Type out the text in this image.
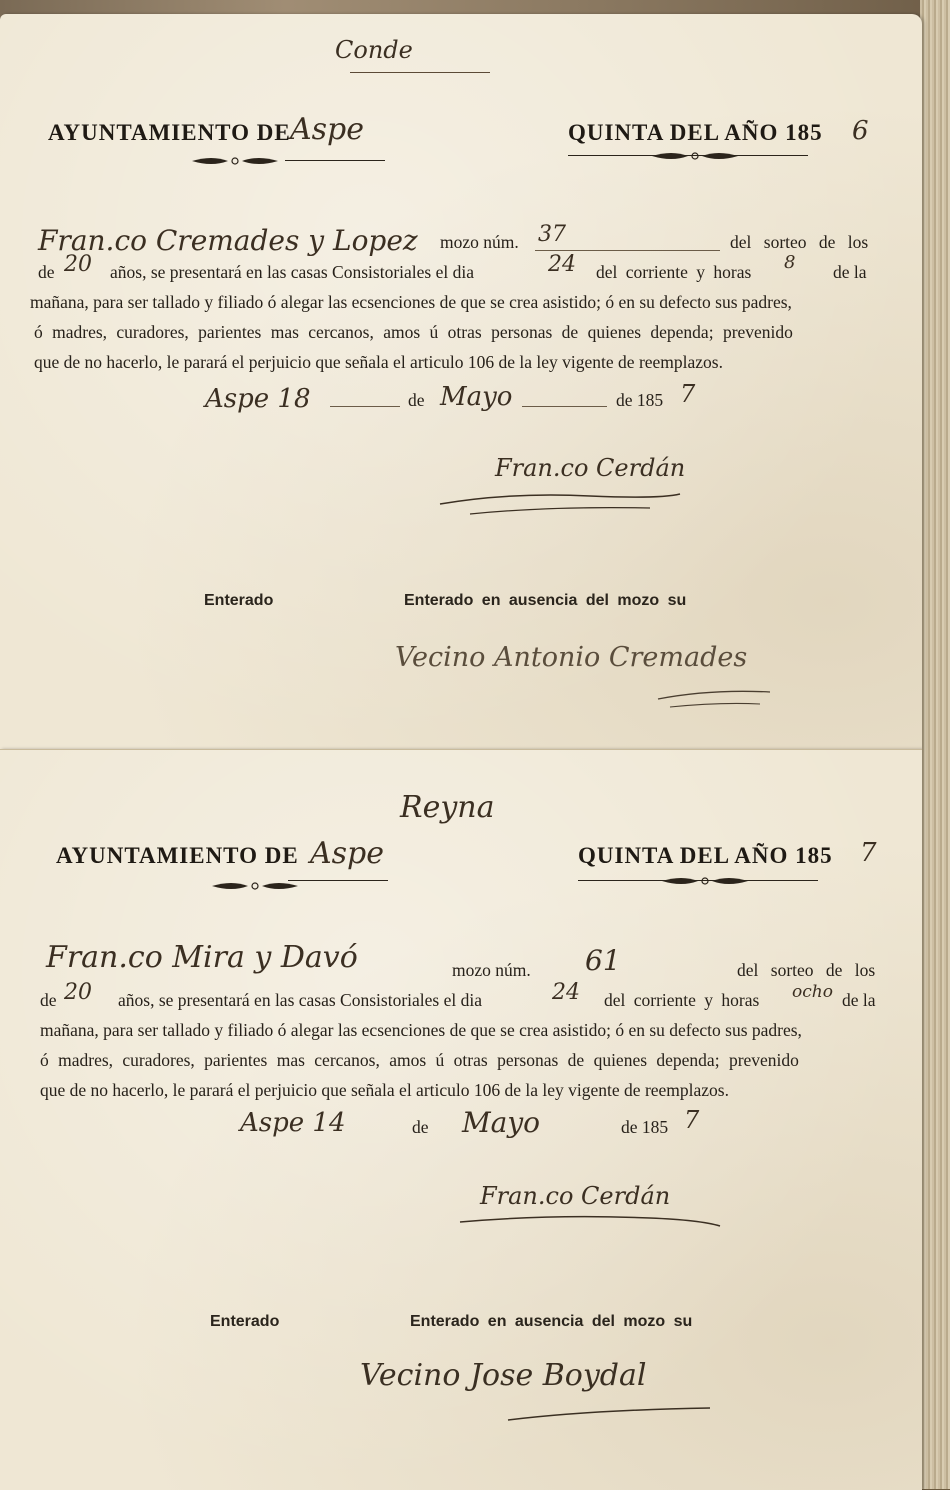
Conde
AYUNTAMIENTO DE Aspe	QUINTA DEL AÑO 185 6
Fran.co Cremades y Lopez mozo núm. 37	del sorteo de los
de 20 años, se presentará en las casas Consistoriales el dia	24 del corriente y horas 8 de la
mañana, para ser tallado y filiado ó alegar las ecsenciones de que se crea asistido; ó en su defecto sus padres,
ó madres, curadores, parientes mas cercanos, amos ú otras personas de quienes dependa; prevenido
que de no hacerlo, le parará el perjuicio que señala el articulo 106 de la ley vigente de reemplazos.
Aspe 18	de Mayo	de 185 7
Fran.co Cerdán
Enterado	Enterado en ausencia del mozo su
Vecino Antonio Cremades
Reyna
AYUNTAMIENTO DE Aspe	QUINTA DEL AÑO 185 7
Fran.co Mira y Davó	mozo núm. 61	del sorteo de los
de 20 años, se presentará en las casas Consistoriales el dia	24 del corriente y horas ocho de la
mañana, para ser tallado y filiado ó alegar las ecsenciones de que se crea asistido; ó en su defecto sus padres,
ó madres, curadores, parientes mas cercanos, amos ú otras personas de quienes dependa; prevenido
que de no hacerlo, le parará el perjuicio que señala el articulo 106 de la ley vigente de reemplazos.
Aspe 14	de Mayo	de 185 7
Fran.co Cerdán
Enterado	Enterado en ausencia del mozo su
Vecino Jose Boydal
